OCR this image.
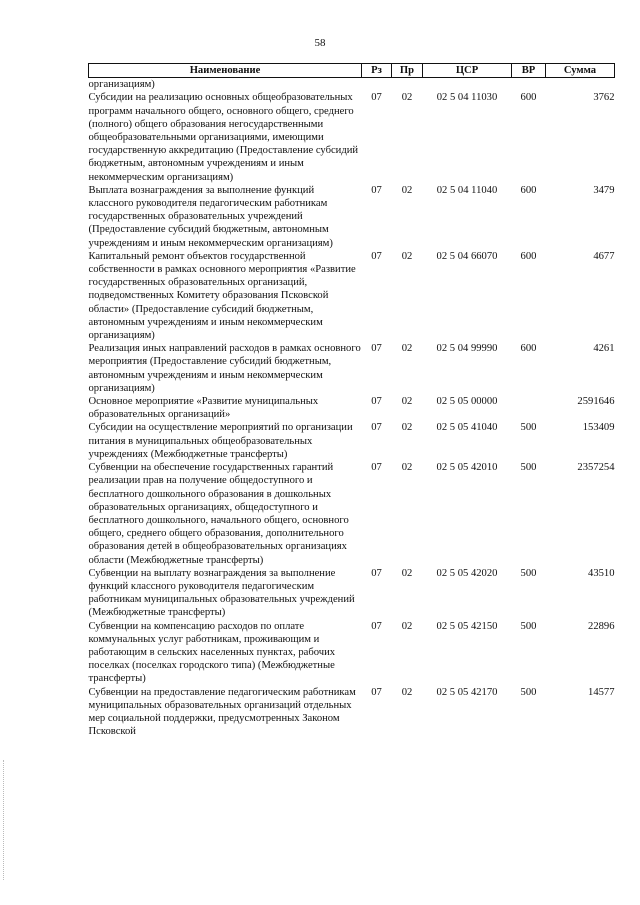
58
Наименование	Рз	Пр	ЦСР	ВР	Сумма
организациям)					
Субсидии на реализацию основных общеобразовательных программ начального общего, основного общего, среднего (полного) общего образования негосударственными общеобразовательными организациями, имеющими государственную аккредитацию (Предоставление субсидий бюджетным, автономным учреждениям и иным некоммерческим организациям)	07	02	02 5 04 11030	600	3762
Выплата вознаграждения за выполнение функций классного руководителя педагогическим работникам государственных образовательных учреждений (Предоставление субсидий бюджетным, автономным учреждениям и иным некоммерческим организациям)	07	02	02 5 04 11040	600	3479
Капитальный ремонт объектов государственной собственности в рамках основного мероприятия «Развитие государственных образовательных организаций, подведомственных Комитету образования Псковской области» (Предоставление субсидий бюджетным, автономным учреждениям и иным некоммерческим организациям)	07	02	02 5 04 66070	600	4677
Реализация иных направлений расходов в рамках основного мероприятия (Предоставление субсидий бюджетным, автономным учреждениям и иным некоммерческим организациям)	07	02	02 5 04 99990	600	4261
Основное мероприятие «Развитие муниципальных образовательных организаций»	07	02	02 5 05 00000		2591646
Субсидии на осуществление мероприятий по организации питания в муниципальных общеобразовательных учреждениях (Межбюджетные трансферты)	07	02	02 5 05 41040	500	153409
Субвенции на обеспечение государственных гарантий реализации прав на получение общедоступного и бесплатного дошкольного образования в дошкольных образовательных организациях, общедоступного и бесплатного дошкольного, начального общего, основного общего, среднего общего образования, дополнительного образования детей в общеобразовательных организациях области (Межбюджетные трансферты)	07	02	02 5 05 42010	500	2357254
Субвенции на выплату вознаграждения за выполнение функций классного руководителя педагогическим работникам муниципальных образовательных учреждений (Межбюджетные трансферты)	07	02	02 5 05 42020	500	43510
Субвенции на компенсацию расходов по оплате коммунальных услуг работникам, проживающим и работающим в сельских населенных пунктах, рабочих поселках (поселках городского типа) (Межбюджетные трансферты)	07	02	02 5 05 42150	500	22896
Субвенции на предоставление педагогическим работникам муниципальных образовательных организаций отдельных мер социальной поддержки, предусмотренных Законом Псковской	07	02	02 5 05 42170	500	14577
